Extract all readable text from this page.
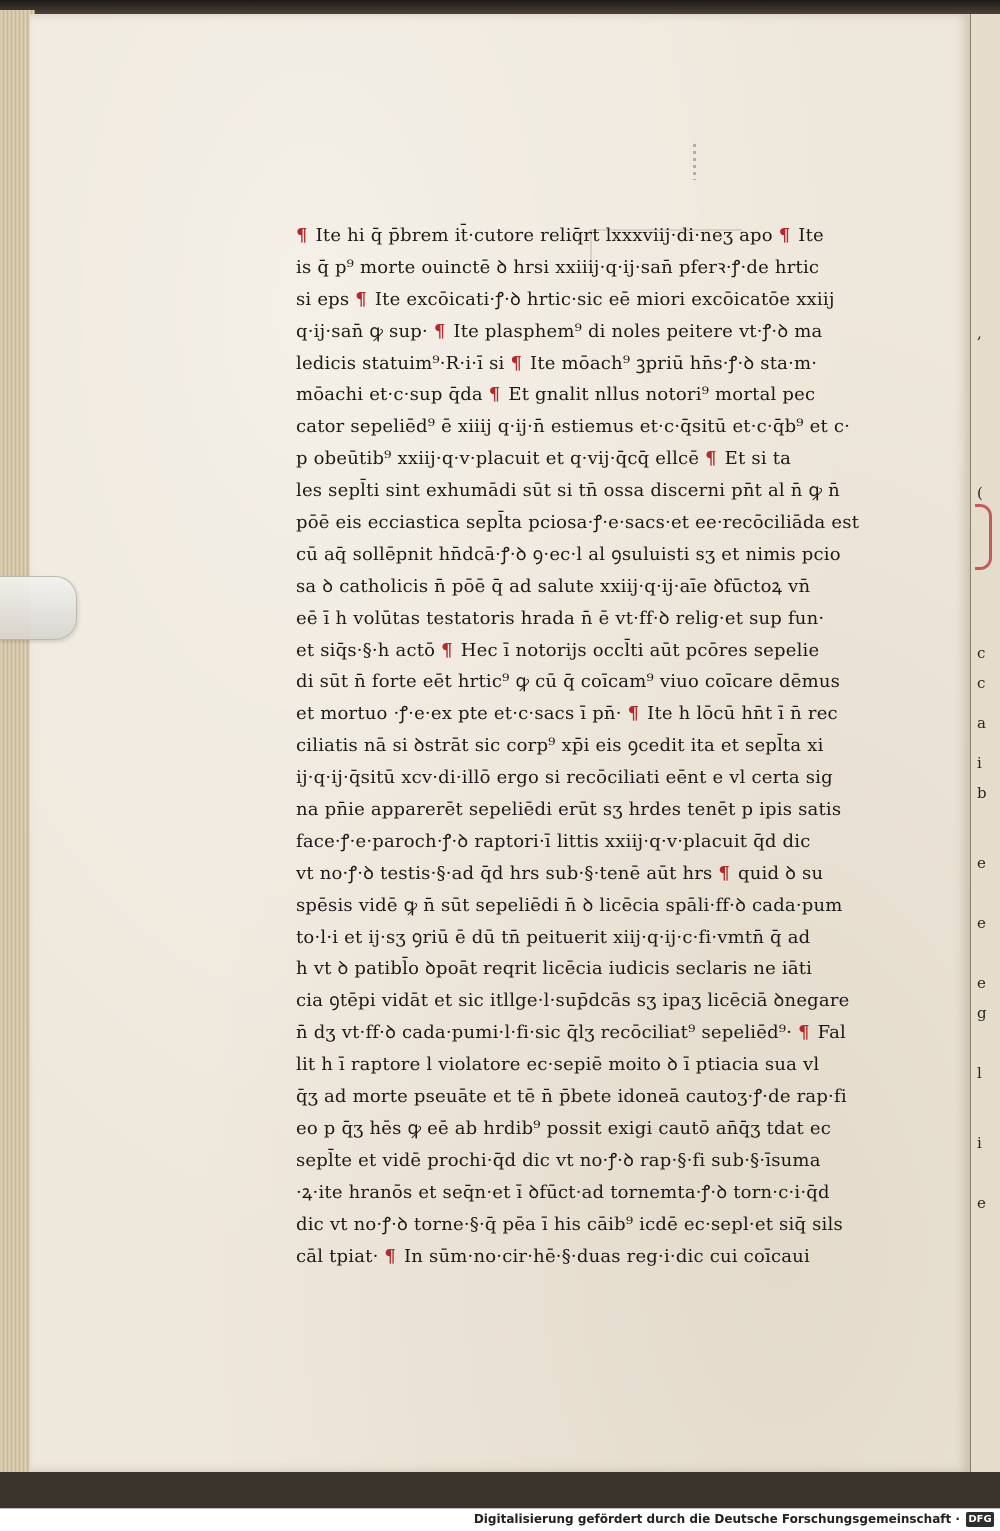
,
(
c
c
a
i
b
e
e
e
g
l
i
e
¶ Ite hi q̄ p̄brem it̄·cutore reliq̄rt lxxxviij·di·neʒ apo ¶ Ite
is q̄ p⁹ morte ouinctē ꝺ hrsi xxiiij·q·ij·san̄ pferꝛ·ꝭ·de hrtic
si eps ¶ Ite excōicati·ꝭ·ꝺ hrtic·sic eē miori excōicatōe xxiij
q·ij·san̄ ꝙ sup· ¶ Ite plasphem⁹ di noles peitere vt·ꝭ·ꝺ ma
ledicis statuim⁹·R·i·ī si ¶ Ite mōach⁹ ꝫpriū hn̄s·ꝭ·ꝺ sta·m·
mōachi et·c·sup q̄da ¶ Et gnalit nllus notori⁹ mortal pec
cator sepeliēd⁹ ē xiiij q·ij·n̄ estiemus et·c·q̄sitū et·c·q̄b⁹ et c·
p obeūtib⁹ xxiij·q·v·placuit et q·vij·q̄cq̄ ellcē ¶ Et si ta
les sepl̄ti sint exhumādi sūt si tn̄ ossa discerni pn̄t al n̄ ꝙ n̄
pōē eis ecciastica sepl̄ta pciosa·ꝭ·e·sacs·et ee·recōciliāda est
cū aq̄ sollēpnit hn̄dcā·ꝭ·ꝺ ꝯ·ec·l al ꝯsuluisti sʒ et nimis pcio
sa ꝺ catholicis n̄ pōē q̄ ad salute xxiij·q·ij·aīe ꝺfūctoꝝ vn̄
eē ī h volūtas testatoris hrada n̄ ē vt·ff·ꝺ relig·et sup fun·
et siq̄s·§·h actō ¶ Hec ī notorijs occl̄ti aūt pcōres sepelie
di sūt n̄ forte eēt hrtic⁹ ꝙ cū q̄ coīcam⁹ viuo coīcare dēmus
et mortuo ·ꝭ·e·ex pte et·c·sacs ī pn̄· ¶ Ite h lōcū hn̄t ī n̄ rec
ciliatis nā si ꝺstrāt sic corp⁹ xp̄i eis ꝯcedit ita et sepl̄ta xi
ij·q·ij·q̄sitū xcv·di·illō ergo si recōciliati eēnt e vl certa sig
na pn̄ie apparerēt sepeliēdi erūt sʒ hrdes tenēt p ipis satis
face·ꝭ·e·paroch·ꝭ·ꝺ raptori·ī littis xxiij·q·v·placuit q̄d dic
vt no·ꝭ·ꝺ testis·§·ad q̄d hrs sub·§·tenē aūt hrs ¶ quid ꝺ su
spēsis vidē ꝙ n̄ sūt sepeliēdi n̄ ꝺ licēcia spāli·ff·ꝺ cada·pum
to·l·i et ij·sʒ ꝯriū ē dū tn̄ peituerit xiij·q·ij·c·fi·vmtn̄ q̄ ad
h vt ꝺ patibl̄o ꝺpoāt reqrit licēcia iudicis seclaris ne iāti
cia ꝯtēpi vidāt et sic itllge·l·sup̄dcās sʒ ipaʒ licēciā ꝺnegare
n̄ dʒ vt·ff·ꝺ cada·pumi·l·fi·sic q̄lʒ recōciliat⁹ sepeliēd⁹· ¶ Fal
lit h ī raptore l violatore ec·sepiē moito ꝺ ī ptiacia sua vl
q̄ʒ ad morte pseuāte et tē n̄ p̄bete idoneā cautoʒ·ꝭ·de rap·fi
eo p q̄ʒ hēs ꝙ eē ab hrdib⁹ possit exigi cautō an̄q̄ʒ tdat ec
sepl̄te et vidē prochi·q̄d dic vt no·ꝭ·ꝺ rap·§·fi sub·§·īsuma
·ꝝ·ite hranōs et seq̄n·et ī ꝺfūct·ad tornemta·ꝭ·ꝺ torn·c·i·q̄d
dic vt no·ꝭ·ꝺ torne·§·q̄ pēa ī his cāib⁹ icdē ec·sepl·et siq̄ sils
cāl tpiat· ¶ In sūm·no·cir·hē·§·duas reg·i·dic cui coīcaui
Digitalisierung gefördert durch die Deutsche Forschungsgemeinschaft · DFG
